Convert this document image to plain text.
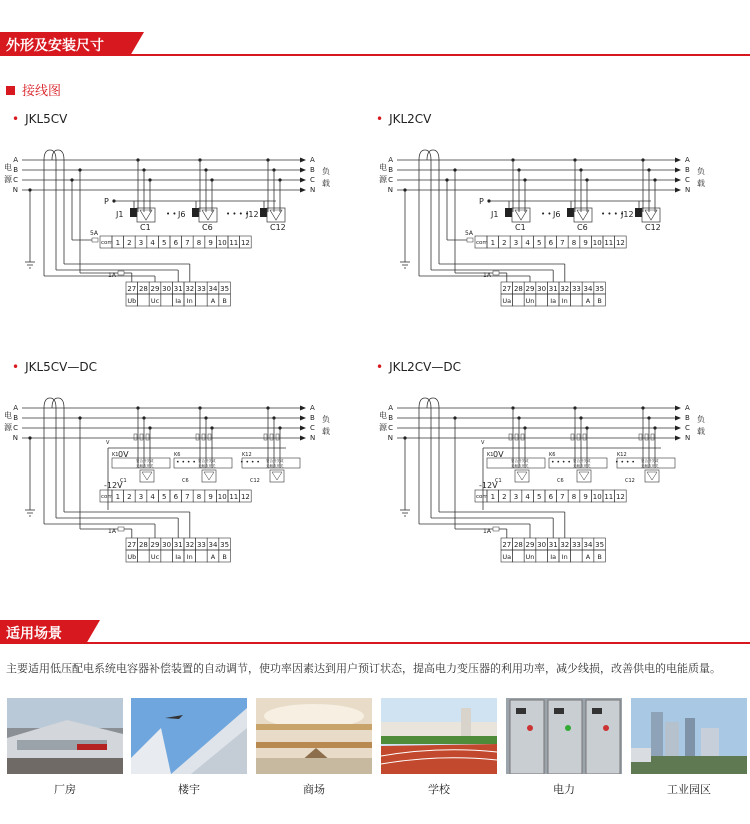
外形及安装尺寸
接线图
• JKL5CV	• JKL2CV
• JKL5CV—DC	• JKL2CV—DC
电
源
负
载
A	A
B	B
C	C
N	N
P
J1
C1
J6
C6
J12
C12
• •	• • • •
com 1 2 3 4 5 6 7 8 9 10 11 12
5A
1A
27
Ub
28 29
Uc
30 31
Ia
32
In
33 34
A
35
B
电
源
负
载
A	A
B	B
C	C
N	N
P
J1
C1
J6
C6
J12
C12
• •	• • • •
com 1 2 3 4 5 6 7 8 9 10 11 12
5A
1A
27
Ua
28 29
Un
30 31
Ia
32
In
33 34
A
35
B
电
源
负
载
A	A
B	B
C	C
N	N
V
0V
-12V
K1
复合开关或
无触点开关
C1
K6
复合开关或
无触点开关
C6
K12
复合开关或
无触点开关
C12
• • • •	• • • •
com 1 2 3 4 5 6 7 8 9 10 11 12
1A
27
Ub
28 29
Uc
30 31
Ia
32
In
33 34
A
35
B
电
源
负
载
A	A
B	B
C	C
N	N
V
0V
-12V
K1
复合开关或
无触点开关
C1
K6
复合开关或
无触点开关
C6
K12
复合开关或
无触点开关
C12
• • • •	• • • •
com 1 2 3 4 5 6 7 8 9 10 11 12
1A
27
Ua
28 29
Un
30 31
Ia
32
In
33 34
A
35
B
适用场景
主要适用低压配电系统电容器补偿装置的自动调节，使功率因素达到用户预订状态，提高电力变压器的利用功率，减少线损，改善供电的电能质量。
厂房	楼宇	商场	学校	电力	工业园区
